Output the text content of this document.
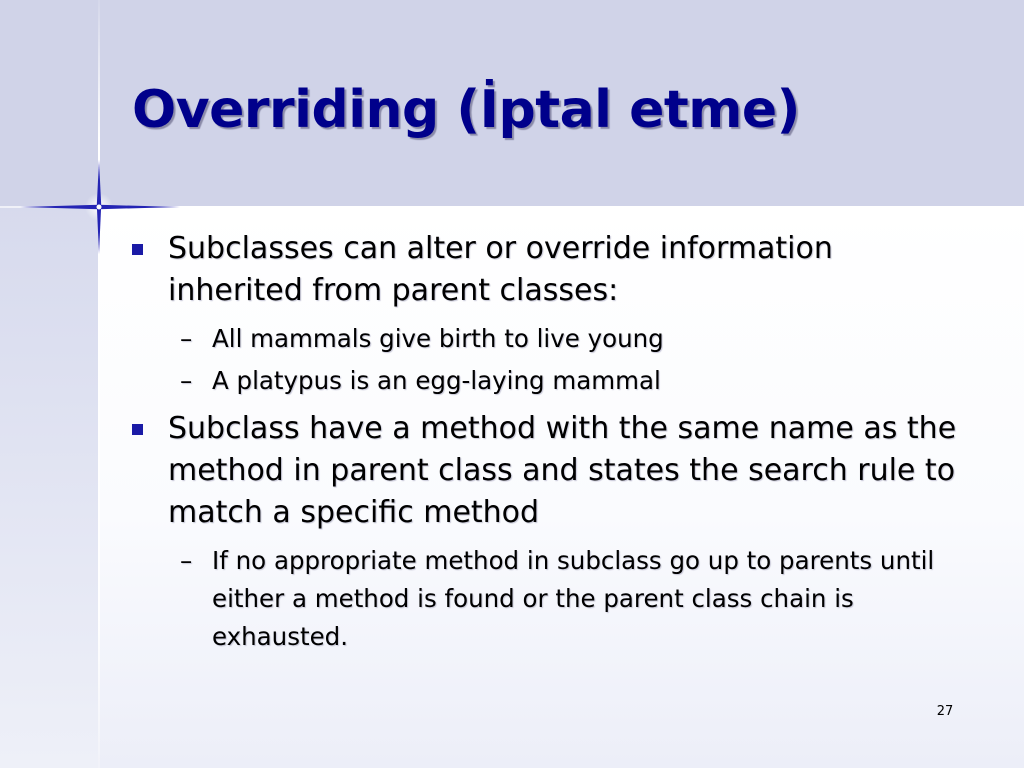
Overriding (İptal etme)
Subclasses can alter or override information inherited from parent classes:
– All mammals give birth to live young
– A platypus is an egg-laying mammal
Subclass have a method with the same name as the method in parent class and states the search rule to match a specific method
– If no appropriate method in subclass go up to parents until either a method is found or the parent class chain is exhausted.
27
